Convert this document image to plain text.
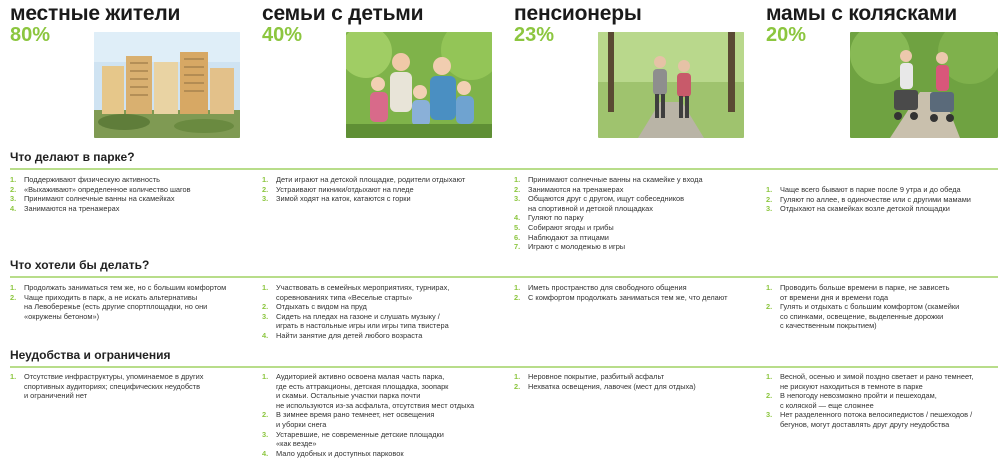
местные жители
80%
семьи с детьми
40%
пенсионеры
23%
мамы с колясками
20%
Что делают в парке?
1. Поддерживают физическую активность
2. «Выхаживают» определенное количество шагов
3. Принимают солнечные ванны на скамейках
4. Занимаются на тренажерах
1. Дети играют на детской площадке, родители отдыхают
2. Устраивают пикники/отдыхают на пледе
3. Зимой ходят на каток, катаются с горки
1. Принимают солнечные ванны на скамейке у входа
2. Занимаются на тренажерах
3. Общаются друг с другом, ищут собеседников
на спортивной и детской площадках
4. Гуляют по парку
5. Собирают ягоды и грибы
6. Наблюдают за птицами
7. Играют с молодежью в игры
1. Чаще всего бывают в парке после 9 утра и до обеда
2. Гуляют по аллее, в одиночестве или с другими мамами
3. Отдыхают на скамейках возле детской площадки
Что хотели бы делать?
1. Продолжать заниматься тем же, но с большим комфортом
2. Чаще приходить в парк, а не искать альтернативы
на Левобережье (есть другие спортплощадки, но они
«окружены бетоном»)
1. Участвовать в семейных мероприятиях, турнирах,
соревнованиях типа «Веселые старты»
2. Отдыхать с видом на пруд
3. Сидеть на пледах на газоне и слушать музыку /
играть в настольные игры или игры типа твистера
4. Найти занятие для детей любого возраста
1. Иметь пространство для свободного общения
2. С комфортом продолжать заниматься тем же, что делают
1. Проводить больше времени в парке, не зависеть
от времени дня и времени года
2. Гулять и отдыхать с большим комфортом (скамейки
со спинками, освещение, выделенные дорожки
с качественным покрытием)
Неудобства и ограничения
1. Отсутствие инфраструктуры, упоминаемое в других
спортивных аудиториях; специфических неудобств
и ограничений нет
1. Аудиторией активно освоена малая часть парка,
где есть аттракционы, детская площадка, зоопарк
и скамьи. Остальные участки парка почти
не используются из-за асфальта, отсутствия мест отдыха
2. В зимнее время рано темнеет, нет освещения
и уборки снега
3. Устаревшие, не современные детские площадки
«как везде»
4. Мало удобных и доступных парковок
1. Неровное покрытие, разбитый асфальт
2. Нехватка освещения, лавочек (мест для отдыха)
1. Весной, осенью и зимой поздно светает и рано темнеет,
не рискуют находиться в темноте в парке
2. В непогоду невозможно пройти и пешеходам,
с коляской — еще сложнее
3. Нет разделенного потока велосипедистов / пешеходов /
бегунов, могут доставлять друг другу неудобства
